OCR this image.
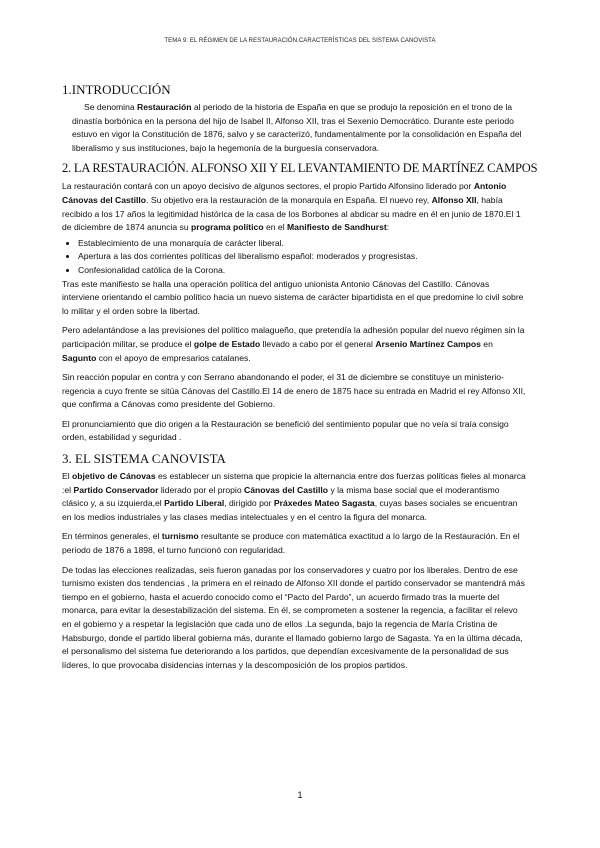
TEMA 9: EL RÉGIMEN DE LA RESTAURACIÓN.CARACTERÍSTICAS DEL SISTEMA CANOVISTA
1.INTRODUCCIÓN

Se denomina Restauración al periodo de la historia de España en que se produjo la reposición en el trono de la dinastía borbónica en la persona del hijo de Isabel II, Alfonso XII, tras el Sexenio Democrático. Durante este periodo estuvo en vigor la Constitución de 1876, salvo y se caracterizó, fundamentalmente por la consolidación en España del liberalismo y sus instituciones, bajo la hegemonía de la burguesía conservadora.

2. LA RESTAURACIÓN. ALFONSO XII Y EL LEVANTAMIENTO DE MARTÍNEZ CAMPOS

La restauración contará con un apoyo decisivo de algunos sectores, el propio Partido Alfonsino liderado por Antonio Cánovas del Castillo. Su objetivo era la restauración de la monarquía en España. El nuevo rey, Alfonso XII, había recibido a los 17 años la legitimidad histórica de la casa de los Borbones al abdicar su madre en él en junio de 1870.El 1 de diciembre de 1874 anuncia su programa político en el Manifiesto de Sandhurst:

• Establecimiento de una monarquía de carácter liberal.
• Apertura a las dos corrientes políticas del liberalismo español: moderados y progresistas.
• Confesionalidad católica de la Corona.

Tras este manifiesto se halla una operación política del antiguo unionista Antonio Cánovas del Castillo. Cánovas interviene orientando el cambio político hacia un nuevo sistema de carácter bipartidista en el que predomine lo civil sobre lo militar y el orden sobre la libertad.

Pero adelantándose a las previsiones del político malagueño, que pretendía la adhesión popular del nuevo régimen sin la participación militar, se produce el golpe de Estado llevado a cabo por el general Arsenio Martínez Campos en Sagunto con el apoyo de empresarios catalanes.

Sin reacción popular en contra y con Serrano abandonando el poder, el 31 de diciembre se constituye un ministerio-regencia a cuyo frente se sitúa Cánovas del Castillo.El 14 de enero de 1875 hace su entrada en Madrid el rey Alfonso XII, que confirma a Cánovas como presidente del Gobierno.

El pronunciamiento que dio origen a la Restauración se benefició del sentimiento popular que no veía si traía consigo orden, estabilidad y seguridad .

3. EL SISTEMA CANOVISTA

El objetivo de Cánovas es establecer un sistema que propicie la alternancia entre dos fuerzas políticas fieles al monarca :el Partido Conservador liderado por el propio Cánovas del Castillo y la misma base social que el moderantismo clásico y, a su izquierda,el Partido Liberal, dirigido por Práxedes Mateo Sagasta, cuyas bases sociales se encuentran en los medios industriales y las clases medias intelectuales y en el centro la figura del monarca.

En términos generales, el turnismo resultante se produce con matemática exactitud a lo largo de la Restauración. En el periodo de 1876 a 1898, el turno funcionó con regularidad.

De todas las elecciones realizadas, seis fueron ganadas por los conservadores y cuatro por los liberales. Dentro de ese turnismo existen dos tendencias , la primera en el reinado de Alfonso XII donde el partido conservador se mantendrá más tiempo en el gobierno, hasta el acuerdo conocido como el “Pacto del Pardo”, un acuerdo firmado tras la muerte del monarca, para evitar la desestabilización del sistema. En él, se comprometen a sostener la regencia, a facilitar el relevo en el gobierno y a respetar la legislación que cada uno de ellos .La segunda, bajo la regencia de María Cristina de Habsburgo, donde el partido liberal gobierna más, durante el llamado gobierno largo de Sagasta. Ya en la última década, el personalismo del sistema fue deteriorando a los partidos, que dependían excesivamente de la personalidad de sus líderes, lo que provocaba disidencias internas y la descomposición de los propios partidos.

1
